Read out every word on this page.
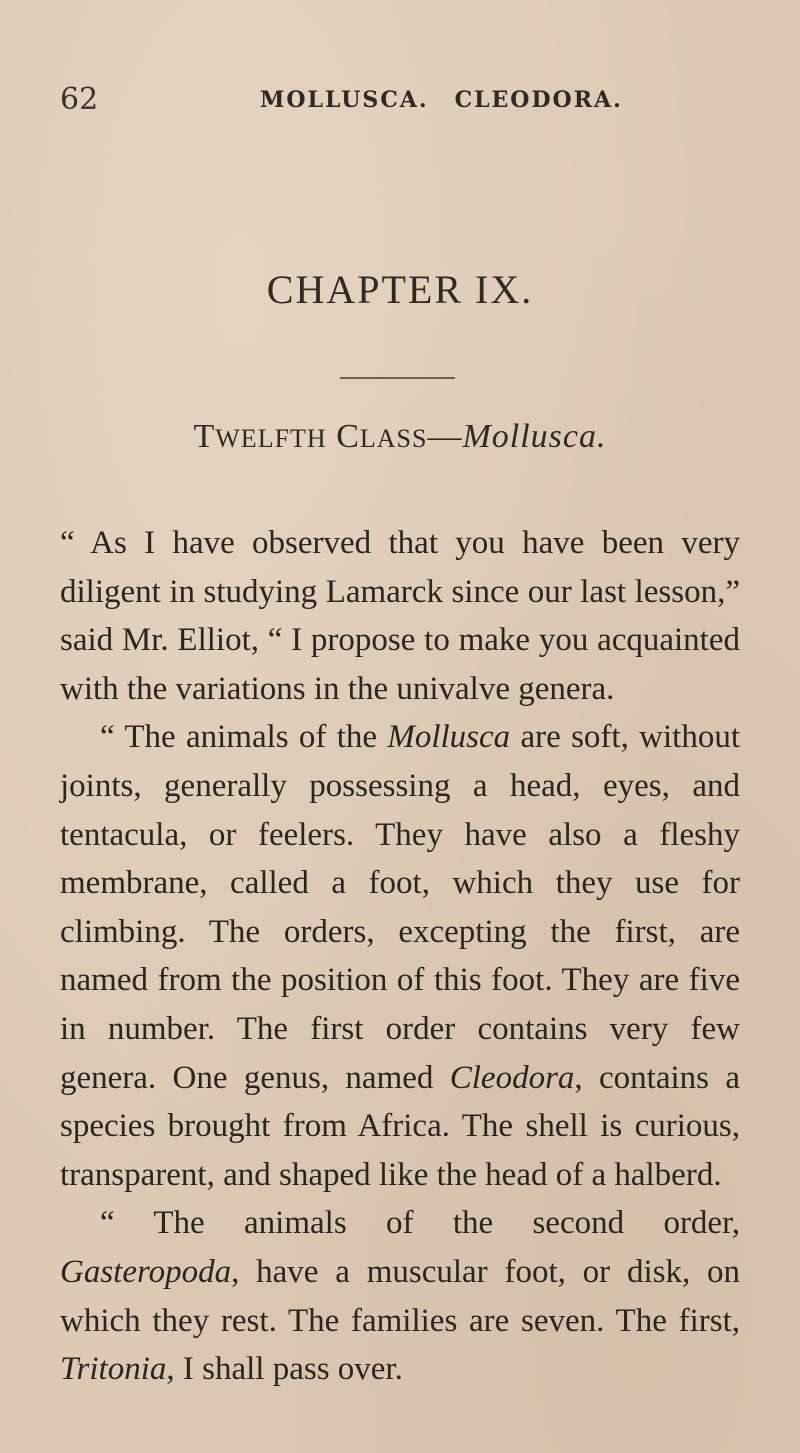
62	MOLLUSCA. CLEODORA.
CHAPTER IX.
TWELFTH CLASS—Mollusca.

“ As I have observed that you have been very diligent in studying Lamarck since our last lesson,” said Mr. Elliot, “ I propose to make you acquainted with the variations in the univalve genera.

“ The animals of the Mollusca are soft, without joints, generally possessing a head, eyes, and tentacula, or feelers. They have also a fleshy membrane, called a foot, which they use for climbing. The orders, excepting the first, are named from the position of this foot. They are five in number. The first order contains very few genera. One genus, named Cleodora, contains a species brought from Africa. The shell is curious, transparent, and shaped like the head of a halberd.

“ The animals of the second order, Gasteropoda, have a muscular foot, or disk, on which they rest. The families are seven. The first, Tritonia, I shall pass over.
